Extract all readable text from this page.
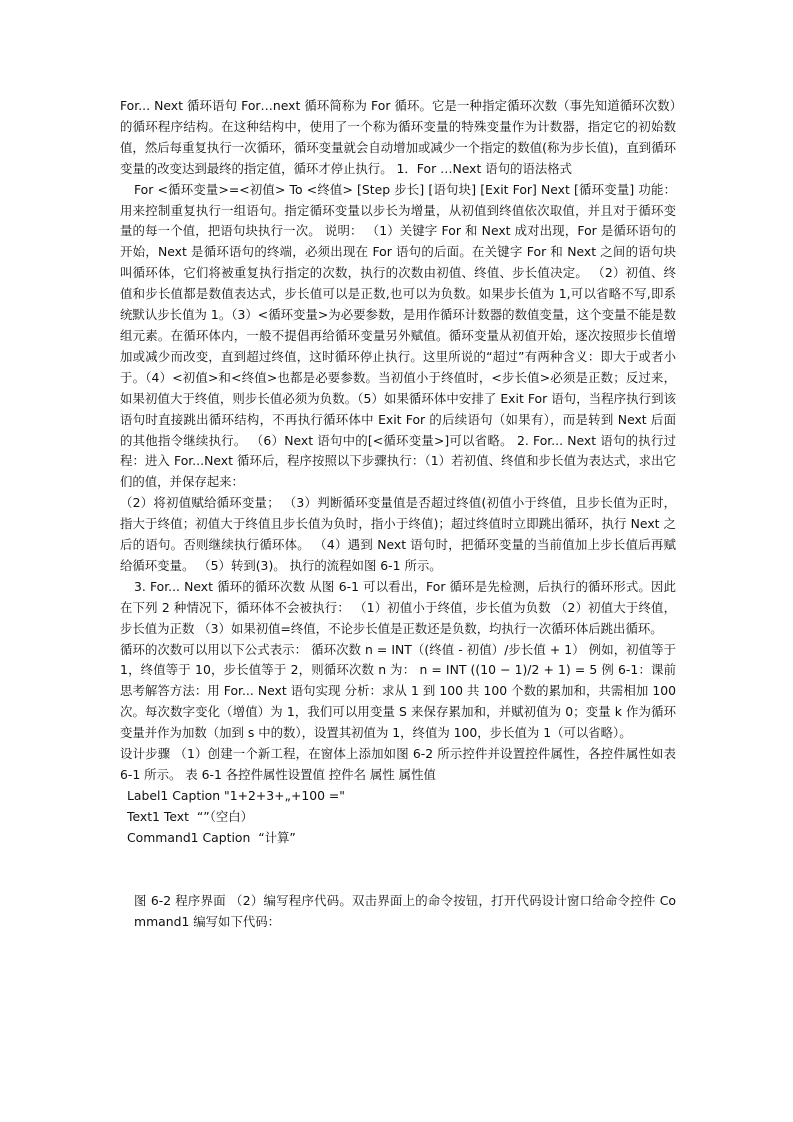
For... Next 循环语句 For…next 循环简称为 For 循环。它是一种指定循环次数（事先知道循环次数）的循环程序结构。在这种结构中，使用了一个称为循环变量的特殊变量作为计数器，指定它的初始数值，然后每重复执行一次循环，循环变量就会自动增加或减少一个指定的数值(称为步长值)，直到循环变量的改变达到最终的指定值，循环才停止执行。 1．For …Next 语句的语法格式

For <循环变量>=<初值> To <终值> [Step 步长] [语句块] [Exit For] Next [循环变量] 功能：用来控制重复执行一组语句。指定循环变量以步长为增量，从初值到终值依次取值，并且对于循环变量的每一个值，把语句块执行一次。 说明： （1）关键字 For 和 Next 成对出现，For 是循环语句的开始，Next 是循环语句的终端，必须出现在 For 语句的后面。在关键字 For 和 Next 之间的语句块叫循环体，它们将被重复执行指定的次数，执行的次数由初值、终值、步长值决定。 （2）初值、终值和步长值都是数值表达式，步长值可以是正数,也可以为负数。如果步长值为 1,可以省略不写,即系统默认步长值为 1。（3）<循环变量>为必要参数，是用作循环计数器的数值变量，这个变量不能是数组元素。在循环体内，一般不提倡再给循环变量另外赋值。循环变量从初值开始，逐次按照步长值增加或减少而改变，直到超过终值，这时循环停止执行。这里所说的“超过”有两种含义：即大于或者小于。（4）<初值>和<终值>也都是必要参数。当初值小于终值时，<步长值>必须是正数；反过来，如果初值大于终值，则步长值必须为负数。（5）如果循环体中安排了 Exit For 语句，当程序执行到该语句时直接跳出循环结构，不再执行循环体中 Exit For 的后续语句（如果有），而是转到 Next 后面的其他指令继续执行。 （6）Next 语句中的[<循环变量>]可以省略。 2. For... Next 语句的执行过程：进入 For...Next 循环后，程序按照以下步骤执行：（1）若初值、终值和步长值为表达式，求出它们的值，并保存起来：

（2）将初值赋给循环变量； （3）判断循环变量值是否超过终值(初值小于终值，且步长值为正时，指大于终值；初值大于终值且步长值为负时，指小于终值)；超过终值时立即跳出循环，执行 Next 之后的语句。否则继续执行循环体。 （4）遇到 Next 语句时，把循环变量的当前值加上步长值后再赋给循环变量。 （5）转到(3)。 执行的流程如图 6-1 所示。

3. For... Next 循环的循环次数 从图 6-1 可以看出，For 循环是先检测，后执行的循环形式。因此在下列 2 种情况下，循环体不会被执行： （1）初值小于终值，步长值为负数 （2）初值大于终值，步长值为正数 （3）如果初值=终值，不论步长值是正数还是负数，均执行一次循环体后跳出循环。

循环的次数可以用以下公式表示： 循环次数 n = INT（(终值 - 初值）/步长值 + 1） 例如，初值等于 1，终值等于 10，步长值等于 2，则循环次数 n 为： n = INT ((10 − 1)/2 + 1) = 5 例 6-1：课前思考解答方法：用 For... Next 语句实现 分析：求从 1 到 100 共 100 个数的累加和，共需相加 100 次。每次数字变化（增值）为 1，我们可以用变量 S 来保存累加和，并赋初值为 0；变量 k 作为循环变量并作为加数（加到 s 中的数），设置其初值为 1，终值为 100，步长值为 1（可以省略）。

设计步骤 （1）创建一个新工程，在窗体上添加如图 6-2 所示控件并设置控件属性，各控件属性如表 6-1 所示。 表 6-1 各控件属性设置值 控件名 属性 属性值

Label1 Caption "1+2+3+„+100 ="

Text1 Text  “”（空白）

Command1 Caption  “计算”

图 6-2 程序界面 （2）编写程序代码。双击界面上的命令按钮，打开代码设计窗口给命令控件 Command1 编写如下代码：
